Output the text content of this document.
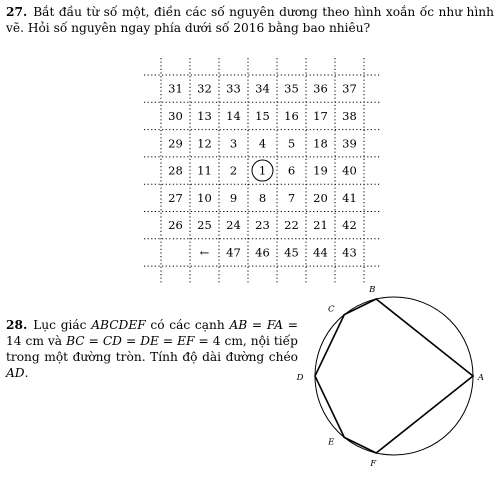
27. Bắt đầu từ số một, điền các số nguyên dương theo hình xoắn ốc như hình vẽ. Hỏi số nguyên ngay phía dưới số 2016 bằng bao nhiêu?
31 32 33 34 35 36 37
30 13 14 15 16 17 38
29 12 3 4 5 18 39
28 11 2 1 6 19 40
27 10 9 8 7 20 41
26 25 24 23 22 21 42
← 47 46 45 44 43
28. Lục giác ABCDEF có các cạnh AB = FA = 14 cm và BC = CD = DE = EF = 4 cm, nội tiếp trong một đường tròn. Tính độ dài đường chéo AD.	A
B
C
D
E
F
